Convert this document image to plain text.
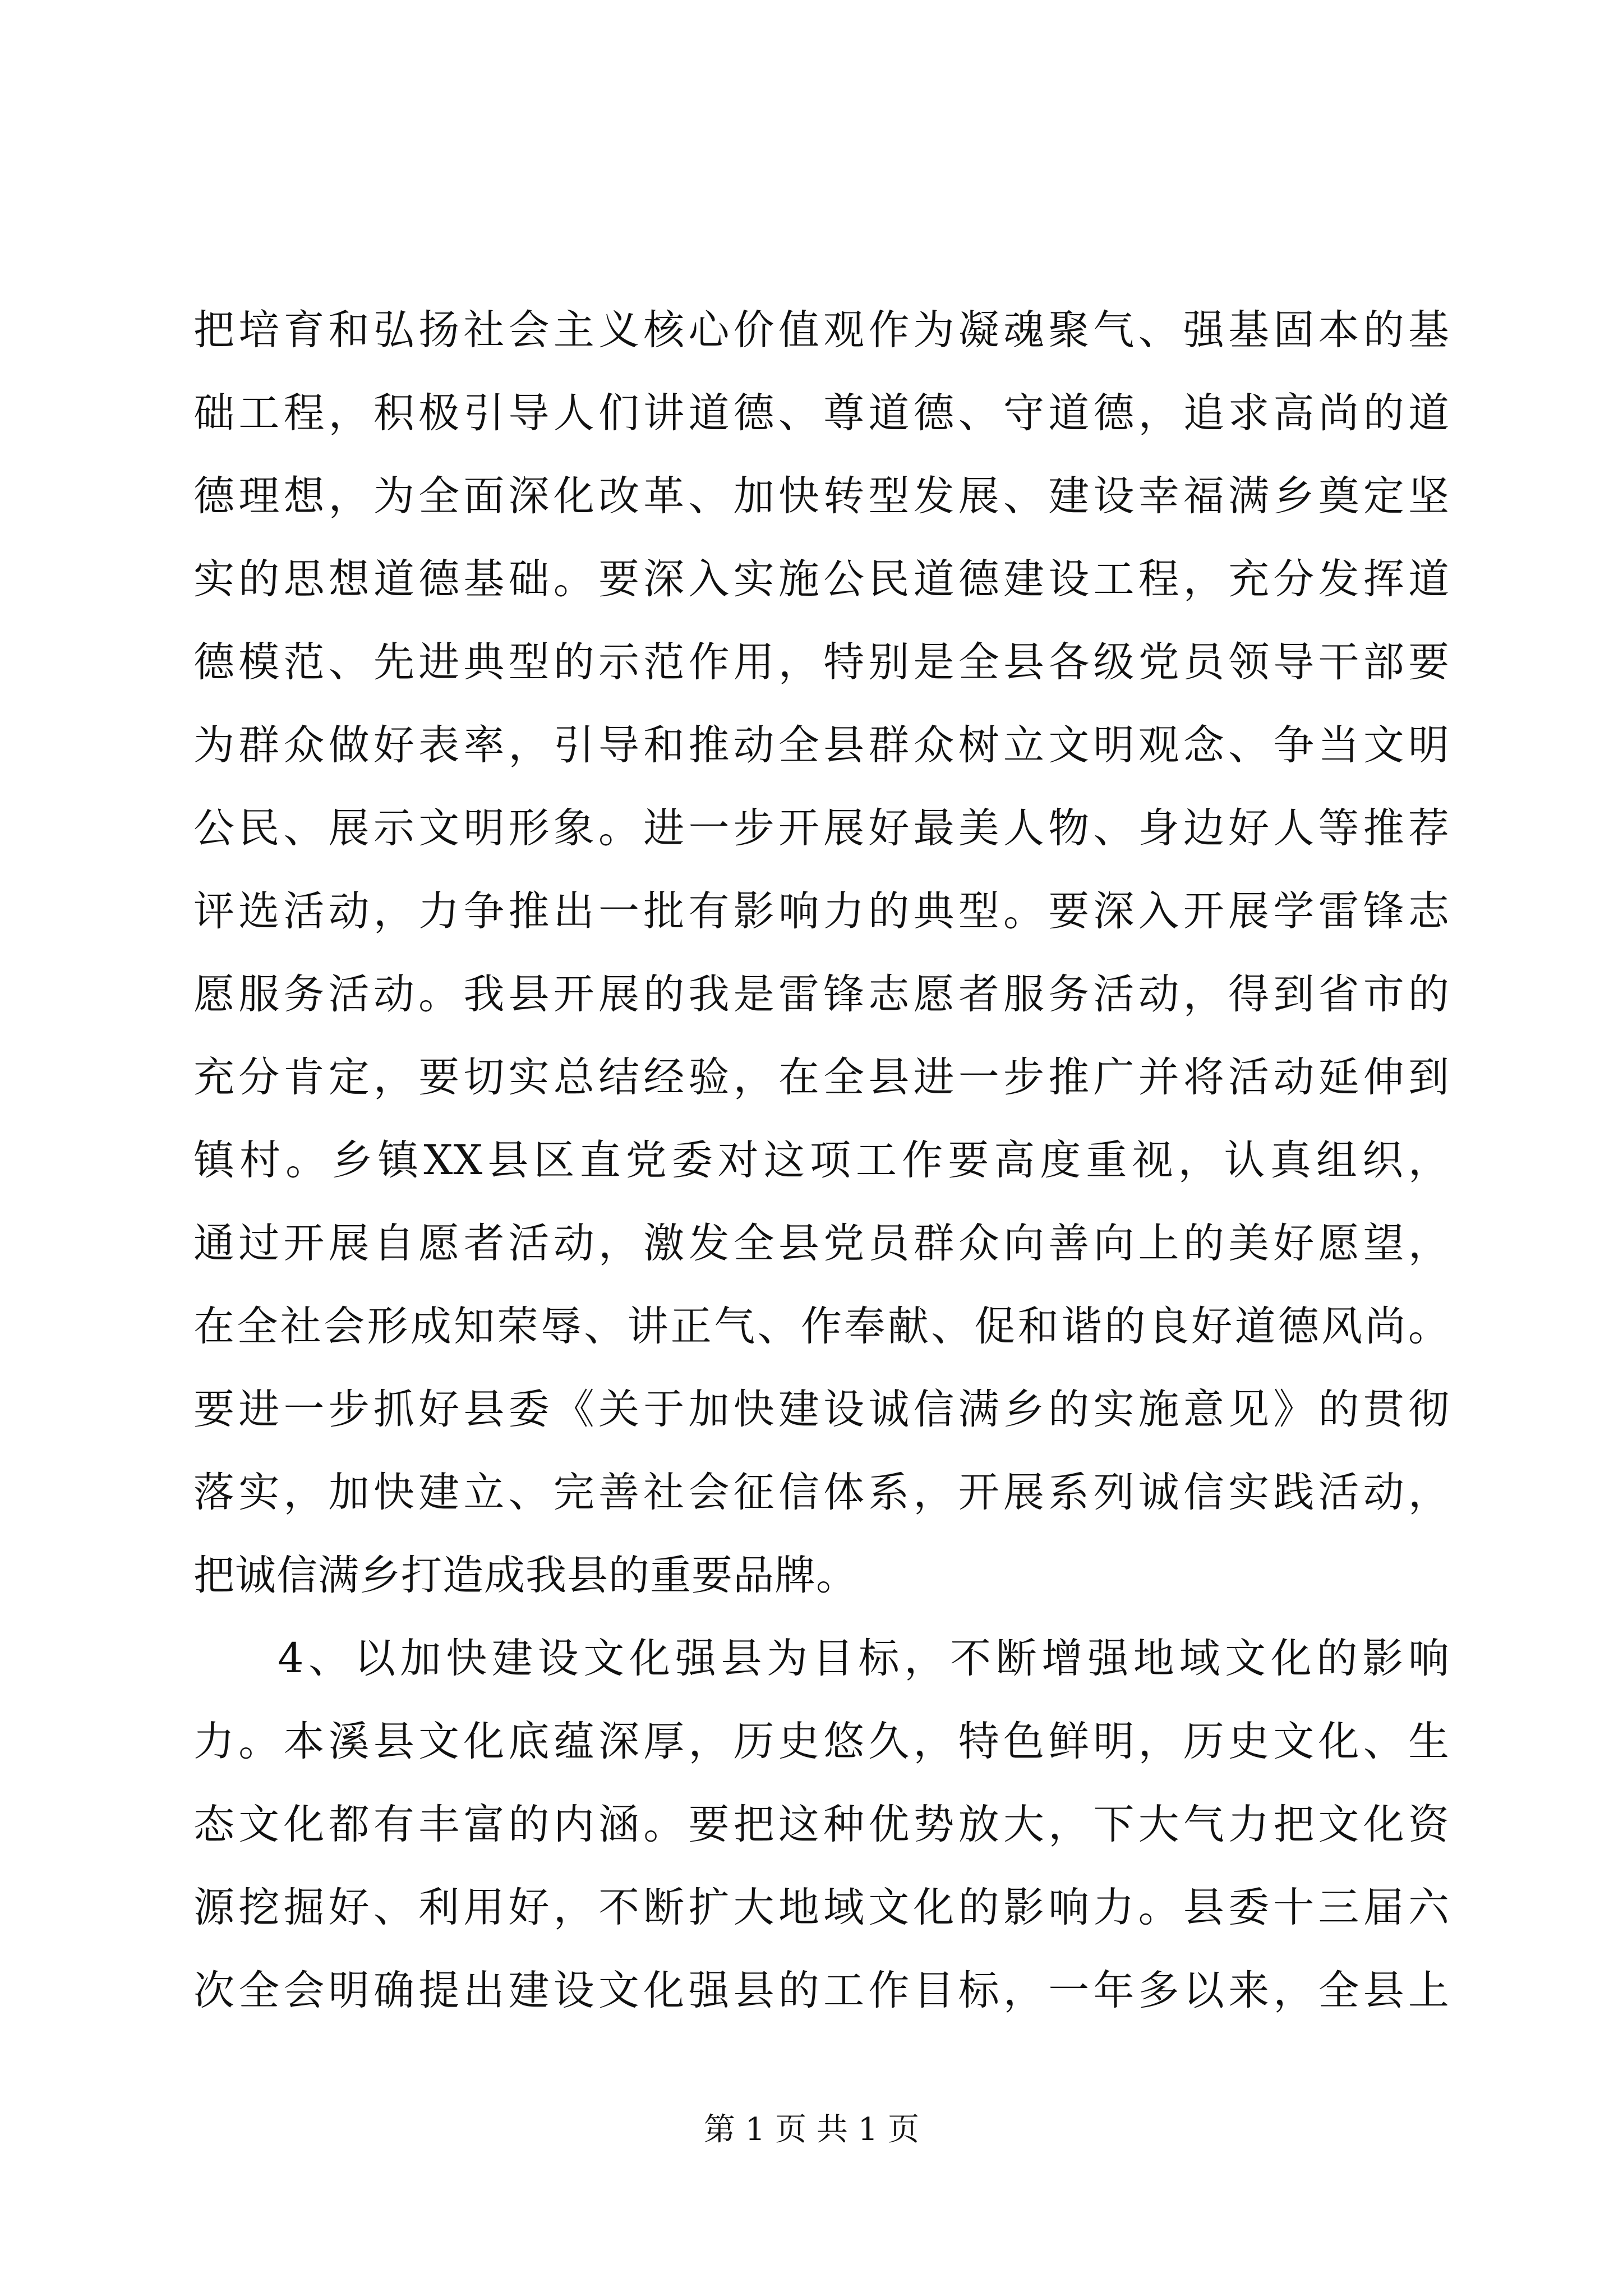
把培育和弘扬社会主义核心价值观作为凝魂聚气、强基固本的基
础工程，积极引导人们讲道德、尊道德、守道德，追求高尚的道
德理想，为全面深化改革、加快转型发展、建设幸福满乡奠定坚
实的思想道德基础。要深入实施公民道德建设工程，充分发挥道
德模范、先进典型的示范作用，特别是全县各级党员领导干部要
为群众做好表率，引导和推动全县群众树立文明观念、争当文明
公民、展示文明形象。进一步开展好最美人物、身边好人等推荐
评选活动，力争推出一批有影响力的典型。要深入开展学雷锋志
愿服务活动。我县开展的我是雷锋志愿者服务活动，得到省市的
充分肯定，要切实总结经验，在全县进一步推广并将活动延伸到
镇村。乡镇XX县区直党委对这项工作要高度重视，认真组织，
通过开展自愿者活动，激发全县党员群众向善向上的美好愿望，
在全社会形成知荣辱、讲正气、作奉献、促和谐的良好道德风尚。
要进一步抓好县委《关于加快建设诚信满乡的实施意见》的贯彻
落实，加快建立、完善社会征信体系，开展系列诚信实践活动，
把诚信满乡打造成我县的重要品牌。
4、以加快建设文化强县为目标，不断增强地域文化的影响
力。本溪县文化底蕴深厚，历史悠久，特色鲜明，历史文化、生
态文化都有丰富的内涵。要把这种优势放大，下大气力把文化资
源挖掘好、利用好，不断扩大地域文化的影响力。县委十三届六
次全会明确提出建设文化强县的工作目标，一年多以来，全县上
第 1 页 共 1 页
